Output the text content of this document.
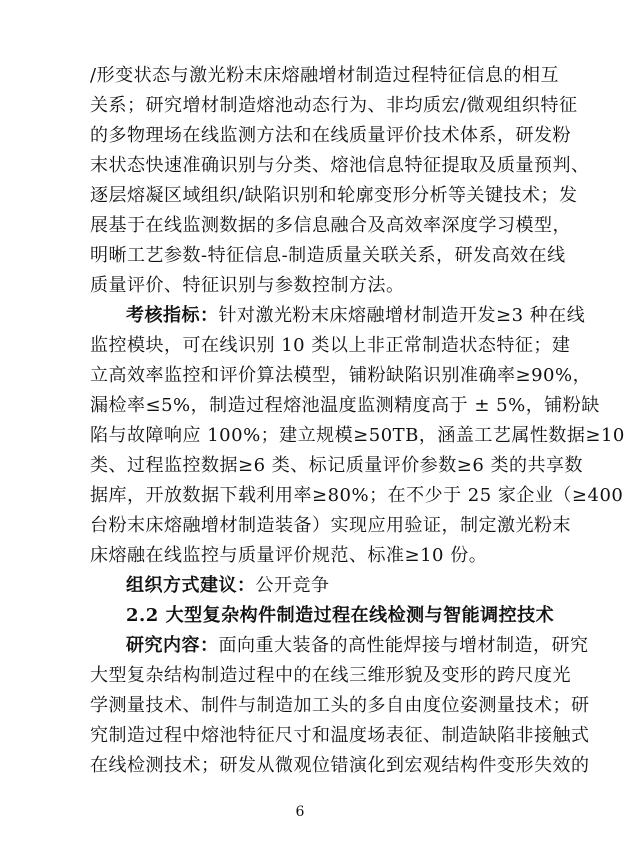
/形变状态与激光粉末床熔融增材制造过程特征信息的相互
关系；研究增材制造熔池动态行为、非均质宏/微观组织特征
的多物理场在线监测方法和在线质量评价技术体系，研发粉
末状态快速准确识别与分类、熔池信息特征提取及质量预判、
逐层熔凝区域组织/缺陷识别和轮廓变形分析等关键技术；发
展基于在线监测数据的多信息融合及高效率深度学习模型，
明晰工艺参数-特征信息-制造质量关联关系，研发高效在线
质量评价、特征识别与参数控制方法。
考核指标：针对激光粉末床熔融增材制造开发≥3 种在线
监控模块，可在线识别 10 类以上非正常制造状态特征；建
立高效率监控和评价算法模型，铺粉缺陷识别准确率≥90%，
漏检率≤5%，制造过程熔池温度监测精度高于 ± 5%，铺粉缺
陷与故障响应 100%；建立规模≥50TB，涵盖工艺属性数据≥10
类、过程监控数据≥6 类、标记质量评价参数≥6 类的共享数
据库，开放数据下载利用率≥80%；在不少于 25 家企业（≥400
台粉末床熔融增材制造装备）实现应用验证，制定激光粉末
床熔融在线监控与质量评价规范、标准≥10 份。
组织方式建议：公开竞争
2.2 大型复杂构件制造过程在线检测与智能调控技术
研究内容：面向重大装备的高性能焊接与增材制造，研究
大型复杂结构制造过程中的在线三维形貌及变形的跨尺度光
学测量技术、制件与制造加工头的多自由度位姿测量技术；研
究制造过程中熔池特征尺寸和温度场表征、制造缺陷非接触式
6
在线检测技术；研发从微观位错演化到宏观结构件变形失效的
